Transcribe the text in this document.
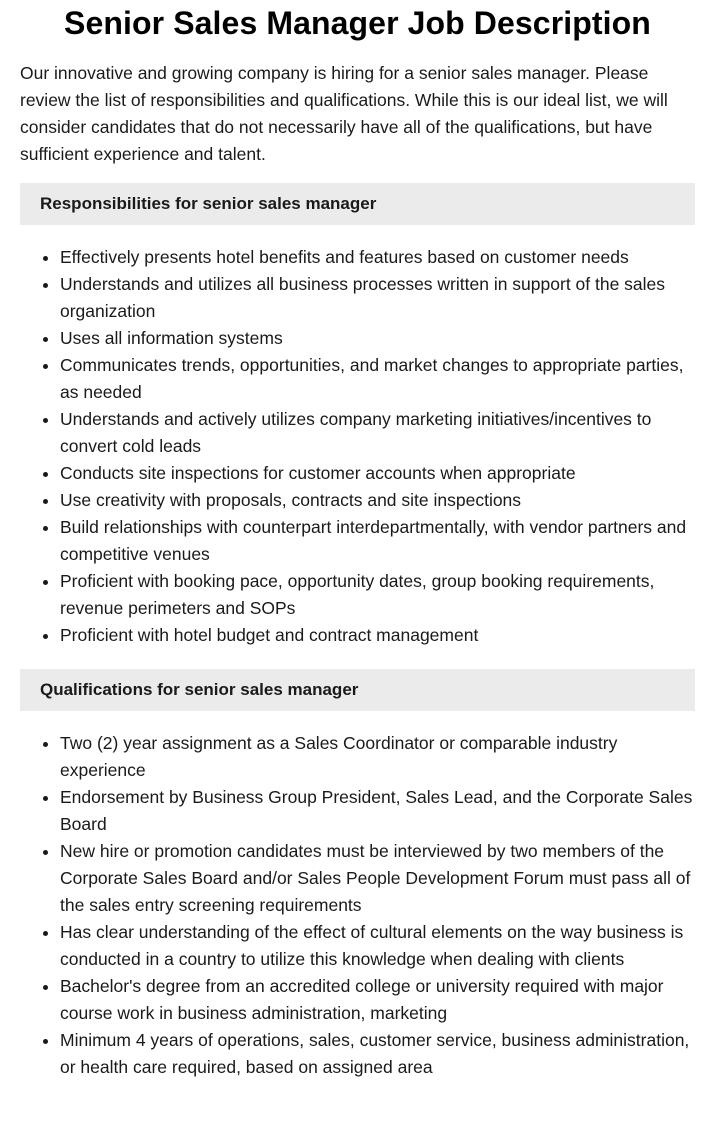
Senior Sales Manager Job Description

Our innovative and growing company is hiring for a senior sales manager. Please review the list of responsibilities and qualifications. While this is our ideal list, we will consider candidates that do not necessarily have all of the qualifications, but have sufficient experience and talent.

Responsibilities for senior sales manager
• Effectively presents hotel benefits and features based on customer needs
• Understands and utilizes all business processes written in support of the sales organization
• Uses all information systems
• Communicates trends, opportunities, and market changes to appropriate parties, as needed
• Understands and actively utilizes company marketing initiatives/incentives to convert cold leads
• Conducts site inspections for customer accounts when appropriate
• Use creativity with proposals, contracts and site inspections
• Build relationships with counterpart interdepartmentally, with vendor partners and competitive venues
• Proficient with booking pace, opportunity dates, group booking requirements, revenue perimeters and SOPs
• Proficient with hotel budget and contract management
Qualifications for senior sales manager
• Two (2) year assignment as a Sales Coordinator or comparable industry experience
• Endorsement by Business Group President, Sales Lead, and the Corporate Sales Board
• New hire or promotion candidates must be interviewed by two members of the Corporate Sales Board and/or Sales People Development Forum must pass all of the sales entry screening requirements
• Has clear understanding of the effect of cultural elements on the way business is conducted in a country to utilize this knowledge when dealing with clients
• Bachelor's degree from an accredited college or university required with major course work in business administration, marketing
• Minimum 4 years of operations, sales, customer service, business administration, or health care required, based on assigned area
